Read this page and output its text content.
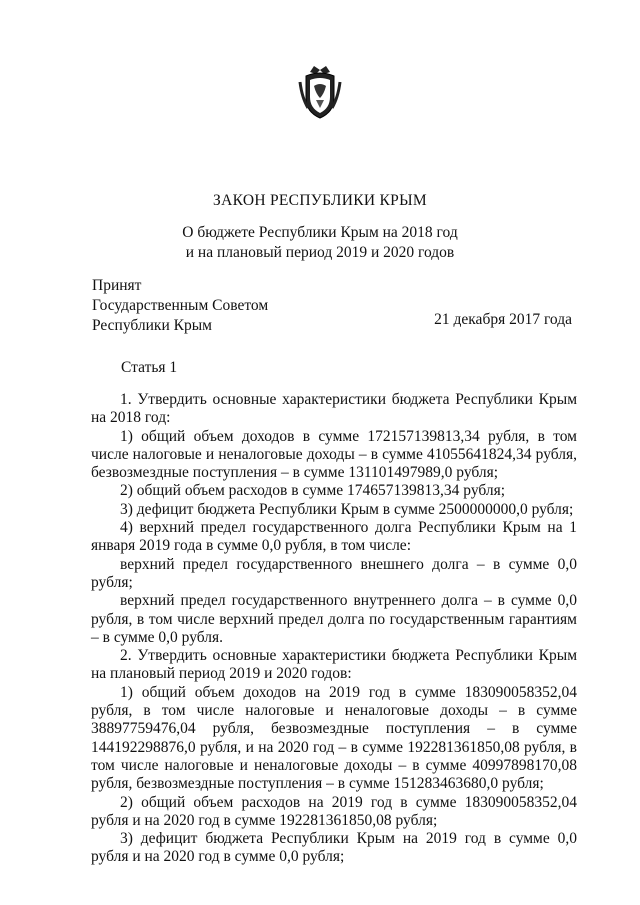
ЗАКОН РЕСПУБЛИКИ КРЫМ
О бюджете Республики Крым на 2018 год
и на плановый период 2019 и 2020 годов
Принят
Государственным Советом
Республики Крым	21 декабря 2017 года
Статья 1

1. Утвердить основные характеристики бюджета Республики Крым на 2018 год:

1) общий объем доходов в сумме 172157139813,34 рубля, в том числе налоговые и неналоговые доходы – в сумме 41055641824,34 рубля, безвозмездные поступления – в сумме 131101497989,0 рубля;

2) общий объем расходов в сумме 174657139813,34 рубля;

3) дефицит бюджета Республики Крым в сумме 2500000000,0 рубля;

4) верхний предел государственного долга Республики Крым на 1 января 2019 года в сумме 0,0 рубля, в том числе:

верхний предел государственного внешнего долга – в сумме 0,0 рубля;

верхний предел государственного внутреннего долга – в сумме 0,0 рубля, в том числе верхний предел долга по государственным гарантиям – в сумме 0,0 рубля.

2. Утвердить основные характеристики бюджета Республики Крым на плановый период 2019 и 2020 годов:

1) общий объем доходов на 2019 год в сумме 183090058352,04 рубля, в том числе налоговые и неналоговые доходы – в сумме 38897759476,04 рубля, безвозмездные поступления – в сумме 144192298876,0 рубля, и на 2020 год – в сумме 192281361850,08 рубля, в том числе налоговые и неналоговые доходы – в сумме 40997898170,08 рубля, безвозмездные поступления – в сумме 151283463680,0 рубля;

2) общий объем расходов на 2019 год в сумме 183090058352,04 рубля и на 2020 год в сумме 192281361850,08 рубля;

3) дефицит бюджета Республики Крым на 2019 год в сумме 0,0 рубля и на 2020 год в сумме 0,0 рубля;
